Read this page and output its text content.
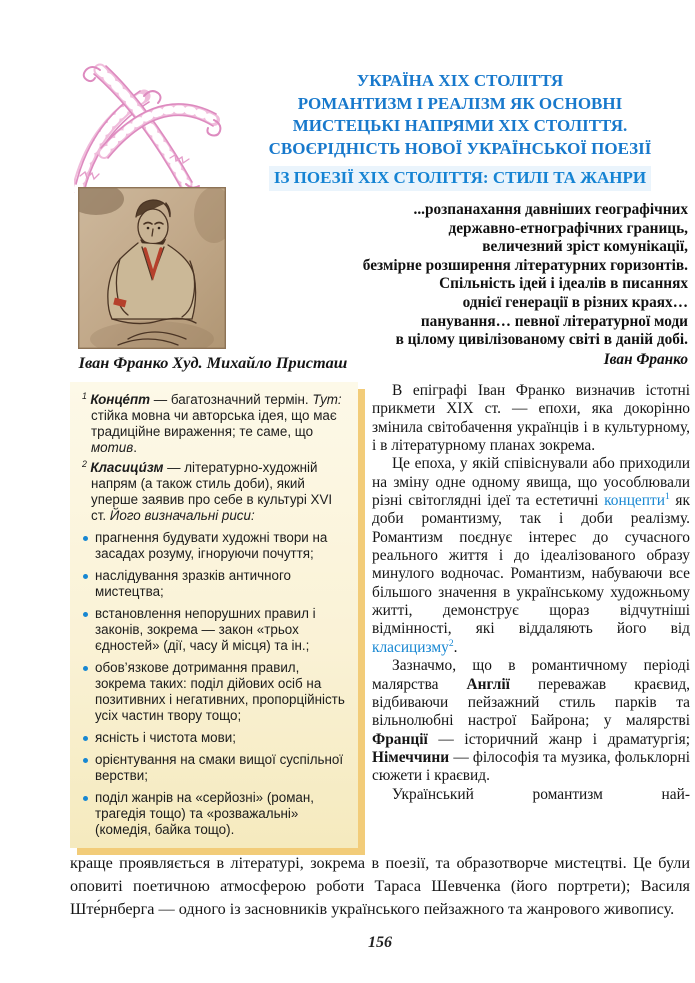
УКРАЇНА XIX СТОЛІТТЯ
РОМАНТИЗМ І РЕАЛІЗМ ЯК ОСНОВНІ
МИСТЕЦЬКІ НАПРЯМИ XIX СТОЛІТТЯ.
СВОЄРІДНІСТЬ НОВОЇ УКРАЇНСЬКОЇ ПОЕЗІЇ
ІЗ ПОЕЗІЇ XIX СТОЛІТТЯ: СТИЛІ ТА ЖАНРИ
...розпанахання давніших географічних
державно-етнографічних границь,
величезний зріст комунікації,
безмірне розширення літературних горизонтів.
Спільність ідей і ідеалів в писаннях
однієї генерації в різних краях…
панування… певної літературної моди
в цілому цивілізованому світі в даній добі.
Іван Франко
Іван Франко Худ. Михайло Присташ
$^1$ Конце́пт — багатозначний термін. Тут: стійка мовна чи авторська ідея, що має традиційне вираження; те саме, що мотив.
$^2$ Класици́зм — літературно-художній напрям (а також стиль доби), який уперше заявив про себе в культурі XVI ст. Його визначальні риси:
прагнення будувати художні твори на засадах розуму, ігноруючи почуття;
наслідування зразків античного мистецтва;
встановлення непорушних правил і законів, зокрема — закон «трьох єдностей» (дії, часу й місця) та ін.;
обов’язкове дотримання правил, зокрема таких: поділ дійових осіб на позитивних і негативних, пропорційність усіх частин твору тощо;
ясність і чистота мови;
орієнтування на смаки вищої суспільної верстви;
поділ жанрів на «серйозні» (роман, трагедія тощо) та «розважальні» (комедія, байка тощо).

В епіграфі Іван Франко визначив істотні прикмети XIX ст. — епохи, яка докорінно змінила світобачення українців і в культурному, і в літературному планах зокрема.

Це епоха, у якій співіснували або приходили на зміну одне одному явища, що уособлювали різні світоглядні ідеї та естетичні концепти$^1$ як доби романтизму, так і доби реалізму. Романтизм поєднує інтерес до сучасного реального життя і до ідеалізованого образу минулого водночас. Романтизм, набуваючи все більшого значення в українському художньому житті, демонструє щораз відчутніші відмінності, які віддаляють його від класицизму$^2$.

Зазначмо, що в романтичному періоді малярства Англії переважав краєвид, відбиваючи пейзажний стиль парків та вільнолюбні настрої Байрона; у малярстві Франції — історичний жанр і драматургія; Німеччини — філософія та музика, фольклорні сюжети і краєвид.

Український романтизм най-

краще проявляється в літературі, зокрема в поезії, та образотворче мистецтві. Це були оповиті поетичною атмосферою роботи Тараса Шевченка (його портрети); Василя Ште́рнберга — одного із засновників українського пейзажного та жанрового живопису.
156
